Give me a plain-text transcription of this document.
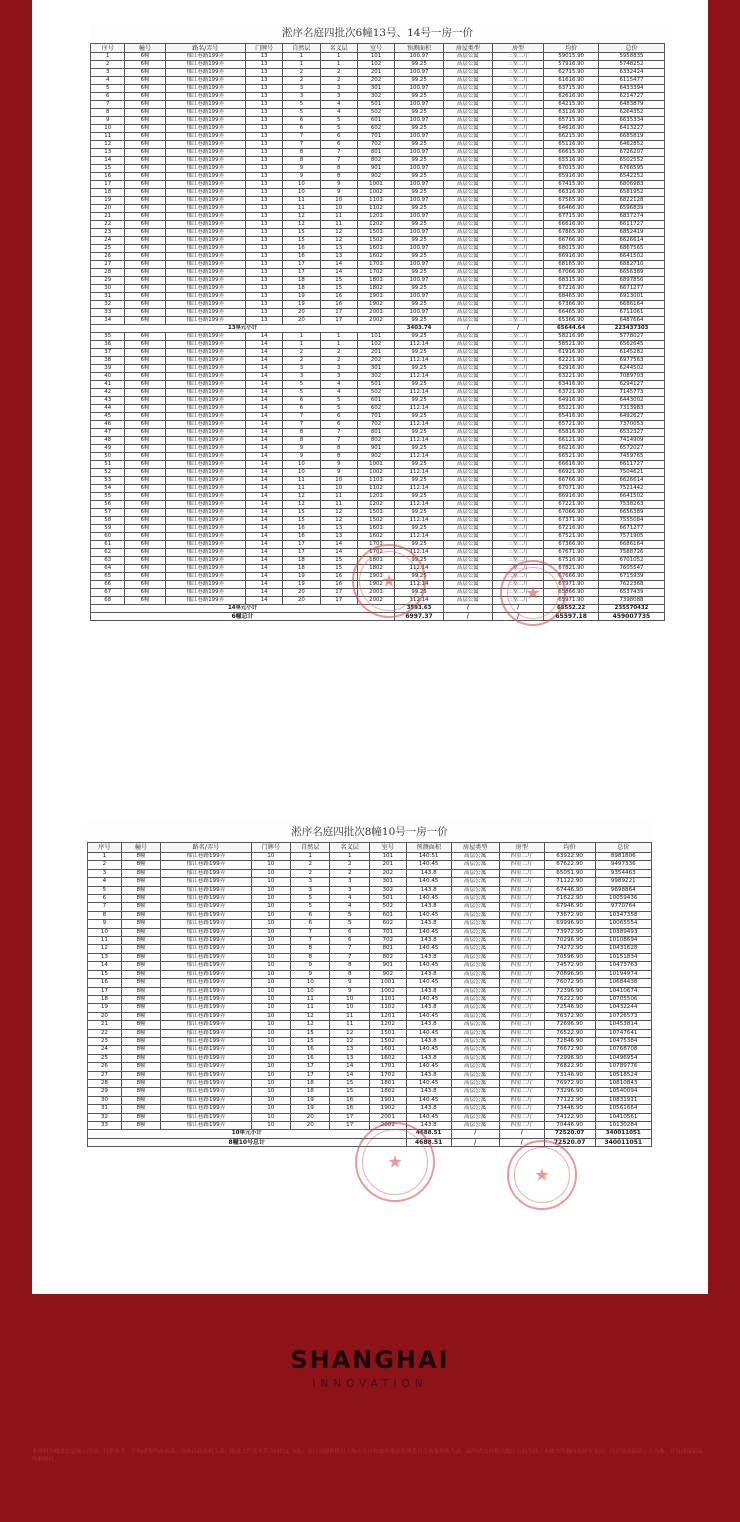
淞序名庭四批次6幢13号、14号一房一价
序号	幢号	路名/弄号	门牌号	自然层	名义层	室号	预测面积	房屋类型	房型	均价	总价
1	6幢	郁江巷路199弄	13	1	1	101	100.97	高层公寓	三室二厅	59015.90	5958835
2	6幢	郁江巷路199弄	13	1	1	102	99.25	高层公寓	三室二厅	57916.90	5748252
3	6幢	郁江巷路199弄	13	2	2	201	100.97	高层公寓	三室二厅	62715.90	6332424
4	6幢	郁江巷路199弄	13	2	2	202	99.25	高层公寓	三室二厅	61616.90	6115477
5	6幢	郁江巷路199弄	13	3	3	301	100.97	高层公寓	三室二厅	63715.90	6433394
6	6幢	郁江巷路199弄	13	3	3	302	99.25	高层公寓	三室二厅	62616.90	6214727
7	6幢	郁江巷路199弄	13	5	4	501	100.97	高层公寓	三室二厅	64215.90	6483879
8	6幢	郁江巷路199弄	13	5	4	502	99.25	高层公寓	三室二厅	63116.90	6264352
9	6幢	郁江巷路199弄	13	6	5	601	100.97	高层公寓	三室二厅	65715.90	6635334
10	6幢	郁江巷路199弄	13	6	5	602	99.25	高层公寓	三室二厅	64616.90	6413227
11	6幢	郁江巷路199弄	13	7	6	701	100.97	高层公寓	三室二厅	66215.90	6685819
12	6幢	郁江巷路199弄	13	7	6	702	99.25	高层公寓	三室二厅	65116.90	6462852
13	6幢	郁江巷路199弄	13	8	7	801	100.97	高层公寓	三室二厅	66615.90	6726207
14	6幢	郁江巷路199弄	13	8	7	802	99.25	高层公寓	三室二厅	65516.90	6502552
15	6幢	郁江巷路199弄	13	9	8	901	100.97	高层公寓	三室二厅	67015.90	6766595
16	6幢	郁江巷路199弄	13	9	8	902	99.25	高层公寓	三室二厅	65916.90	6542252
17	6幢	郁江巷路199弄	13	10	9	1001	100.97	高层公寓	三室二厅	67415.90	6806983
18	6幢	郁江巷路199弄	13	10	9	1002	99.25	高层公寓	三室二厅	66316.90	6581952
19	6幢	郁江巷路199弄	13	11	10	1101	100.97	高层公寓	三室二厅	67565.90	6822128
20	6幢	郁江巷路199弄	13	11	10	1102	99.25	高层公寓	三室二厅	66466.90	6596839
21	6幢	郁江巷路199弄	13	12	11	1201	100.97	高层公寓	三室二厅	67715.90	6837274
22	6幢	郁江巷路199弄	13	12	11	1202	99.25	高层公寓	三室二厅	66616.90	6611727
23	6幢	郁江巷路199弄	13	15	12	1501	100.97	高层公寓	三室二厅	67865.90	6852419
24	6幢	郁江巷路199弄	13	15	12	1502	99.25	高层公寓	三室二厅	66766.90	6626614
25	6幢	郁江巷路199弄	13	16	13	1601	100.97	高层公寓	三室二厅	68015.90	6867565
26	6幢	郁江巷路199弄	13	16	13	1602	99.25	高层公寓	三室二厅	66916.90	6641502
27	6幢	郁江巷路199弄	13	17	14	1701	100.97	高层公寓	三室二厅	68165.90	6882710
28	6幢	郁江巷路199弄	13	17	14	1702	99.25	高层公寓	三室二厅	67066.90	6656389
29	6幢	郁江巷路199弄	13	18	15	1801	100.97	高层公寓	三室二厅	68315.90	6897856
30	6幢	郁江巷路199弄	13	18	15	1802	99.25	高层公寓	三室二厅	67216.90	6671277
31	6幢	郁江巷路199弄	13	19	16	1901	100.97	高层公寓	三室二厅	68465.90	6913001
32	6幢	郁江巷路199弄	13	19	16	1902	99.25	高层公寓	三室二厅	67366.90	6686164
33	6幢	郁江巷路199弄	13	20	17	2001	100.97	高层公寓	三室二厅	66465.90	6711061
34	6幢	郁江巷路199弄	13	20	17	2002	99.25	高层公寓	三室二厅	65366.90	6487664
13单元小计							3403.74	/	/	65644.64	223437303
35	6幢	郁江巷路199弄	14	1	1	101	99.25	高层公寓	三室二厅	58216.90	5778027
36	6幢	郁江巷路199弄	14	1	1	102	112.14	高层公寓	三室二厅	58521.90	6562645
37	6幢	郁江巷路199弄	14	2	2	201	99.25	高层公寓	三室二厅	61916.90	6145282
38	6幢	郁江巷路199弄	14	2	2	202	112.14	高层公寓	三室二厅	62221.90	6977563
39	6幢	郁江巷路199弄	14	3	3	301	99.25	高层公寓	三室二厅	62916.90	6244502
40	6幢	郁江巷路199弄	14	3	3	302	112.14	高层公寓	三室二厅	63221.90	7089703
41	6幢	郁江巷路199弄	14	5	4	501	99.25	高层公寓	三室二厅	63416.90	6294127
42	6幢	郁江巷路199弄	14	5	4	502	112.14	高层公寓	三室二厅	63721.90	7145773
43	6幢	郁江巷路199弄	14	6	5	601	99.25	高层公寓	三室二厅	64916.90	6443002
44	6幢	郁江巷路199弄	14	6	5	602	112.14	高层公寓	三室二厅	65221.90	7313983
45	6幢	郁江巷路199弄	14	7	6	701	99.25	高层公寓	三室二厅	65416.90	6492627
46	6幢	郁江巷路199弄	14	7	6	702	112.14	高层公寓	三室二厅	65721.90	7370053
47	6幢	郁江巷路199弄	14	8	7	801	99.25	高层公寓	三室二厅	65816.90	6532327
48	6幢	郁江巷路199弄	14	8	7	802	112.14	高层公寓	三室二厅	66121.90	7414909
49	6幢	郁江巷路199弄	14	9	8	901	99.25	高层公寓	三室二厅	66216.90	6572027
50	6幢	郁江巷路199弄	14	9	8	902	112.14	高层公寓	三室二厅	66521.90	7459765
51	6幢	郁江巷路199弄	14	10	9	1001	99.25	高层公寓	三室二厅	66616.90	6611727
52	6幢	郁江巷路199弄	14	10	9	1002	112.14	高层公寓	三室二厅	66921.90	7504621
53	6幢	郁江巷路199弄	14	11	10	1101	99.25	高层公寓	三室二厅	66766.90	6626614
54	6幢	郁江巷路199弄	14	11	10	1102	112.14	高层公寓	三室二厅	67071.90	7521442
55	6幢	郁江巷路199弄	14	12	11	1201	99.25	高层公寓	三室二厅	66916.90	6641502
56	6幢	郁江巷路199弄	14	12	11	1202	112.14	高层公寓	三室二厅	67221.90	7538263
57	6幢	郁江巷路199弄	14	15	12	1501	99.25	高层公寓	三室二厅	67066.90	6656389
58	6幢	郁江巷路199弄	14	15	12	1502	112.14	高层公寓	三室二厅	67371.90	7555084
59	6幢	郁江巷路199弄	14	16	13	1601	99.25	高层公寓	三室二厅	67216.90	6671277
60	6幢	郁江巷路199弄	14	16	13	1602	112.14	高层公寓	三室二厅	67521.90	7571905
61	6幢	郁江巷路199弄	14	17	14	1701	99.25	高层公寓	三室二厅	67366.90	6686164
62	6幢	郁江巷路199弄	14	17	14	1702	112.14	高层公寓	三室二厅	67671.90	7588726
63	6幢	郁江巷路199弄	14	18	15	1801	99.25	高层公寓	三室二厅	67516.90	6701052
64	6幢	郁江巷路199弄	14	18	15	1802	112.14	高层公寓	三室二厅	67821.90	7605547
65	6幢	郁江巷路199弄	14	19	16	1901	99.25	高层公寓	三室二厅	67666.90	6715939
66	6幢	郁江巷路199弄	14	19	16	1902	112.14	高层公寓	三室二厅	67971.90	7622368
67	6幢	郁江巷路199弄	14	20	17	2001	99.25	高层公寓	三室二厅	65866.90	6537439
68	6幢	郁江巷路199弄	14	20	17	2002	112.14	高层公寓	三室二厅	65971.90	7398088
14单元小计							3593.63	/	/	65552.22	235570432
6幢总计							6997.37	/	/	65597.18	459007735
淞序名庭四批次8幢10号一房一价
序号	幢号	路名/弄号	门牌号	自然层	名义层	室号	预测面积	房屋类型	房型	均价	总价
1	8幢	郁江巷路199弄	10	1	1	101	140.51	高层公寓	四室二厅	63922.90	8981806
2	8幢	郁江巷路199弄	10	2	2	201	140.45	高层公寓	四室二厅	67622.90	9497336
3	8幢	郁江巷路199弄	10	2	2	202	143.8	高层公寓	四室二厅	65051.90	9354463
4	8幢	郁江巷路199弄	10	3	3	301	140.45	高层公寓	四室二厅	71122.90	9989221
5	8幢	郁江巷路199弄	10	3	3	302	143.8	高层公寓	四室二厅	67446.90	9698864
6	8幢	郁江巷路199弄	10	5	4	501	140.45	高层公寓	四室二厅	71622.90	10059436
7	8幢	郁江巷路199弄	10	5	4	502	143.8	高层公寓	四室二厅	67946.90	9770764
8	8幢	郁江巷路199弄	10	6	5	601	140.45	高层公寓	四室二厅	73672.90	10347358
9	8幢	郁江巷路199弄	10	6	5	602	143.8	高层公寓	四室二厅	69996.90	10065554
10	8幢	郁江巷路199弄	10	7	6	701	140.45	高层公寓	四室二厅	73972.90	10389493
11	8幢	郁江巷路199弄	10	7	6	702	143.8	高层公寓	四室二厅	70296.90	10108694
12	8幢	郁江巷路199弄	10	8	7	801	140.45	高层公寓	四室二厅	74272.90	10431628
13	8幢	郁江巷路199弄	10	8	7	802	143.8	高层公寓	四室二厅	70596.90	10151834
14	8幢	郁江巷路199弄	10	9	8	901	140.45	高层公寓	四室二厅	74572.90	10473763
15	8幢	郁江巷路199弄	10	9	8	902	143.8	高层公寓	四室二厅	70896.90	10194974
16	8幢	郁江巷路199弄	10	10	9	1001	140.45	高层公寓	四室二厅	76072.90	10684438
17	8幢	郁江巷路199弄	10	10	9	1002	143.8	高层公寓	四室二厅	72396.90	10410674
18	8幢	郁江巷路199弄	10	11	10	1101	140.45	高层公寓	四室二厅	76222.90	10705506
19	8幢	郁江巷路199弄	10	11	10	1102	143.8	高层公寓	四室二厅	72546.90	10432244
20	8幢	郁江巷路199弄	10	12	11	1201	140.45	高层公寓	四室二厅	76372.90	10726573
21	8幢	郁江巷路199弄	10	12	11	1202	143.8	高层公寓	四室二厅	72696.90	10453814
22	8幢	郁江巷路199弄	10	15	12	1501	140.45	高层公寓	四室二厅	76522.90	10747641
23	8幢	郁江巷路199弄	10	15	12	1502	143.8	高层公寓	四室二厅	72846.90	10475384
24	8幢	郁江巷路199弄	10	16	13	1601	140.45	高层公寓	四室二厅	76672.90	10768708
25	8幢	郁江巷路199弄	10	16	13	1602	143.8	高层公寓	四室二厅	72996.90	10496954
26	8幢	郁江巷路199弄	10	17	14	1701	140.45	高层公寓	四室二厅	76822.90	10789776
27	8幢	郁江巷路199弄	10	17	14	1702	143.8	高层公寓	四室二厅	73146.90	10518524
28	8幢	郁江巷路199弄	10	18	15	1801	140.45	高层公寓	四室二厅	76972.90	10810843
29	8幢	郁江巷路199弄	10	18	15	1802	143.8	高层公寓	四室二厅	73296.90	10540094
30	8幢	郁江巷路199弄	10	19	16	1901	140.45	高层公寓	四室二厅	77122.90	10831911
31	8幢	郁江巷路199弄	10	19	16	1902	143.8	高层公寓	四室二厅	73446.90	10561664
32	8幢	郁江巷路199弄	10	20	17	2001	140.45	高层公寓	四室二厅	74122.90	10410561
33	8幢	郁江巷路199弄	10	20	17	2002	143.8	高层公寓	四室二厅	70446.90	10130284
10单元小计							4688.51	/	/	72520.07	340011051
8幢10号总计							4688.51	/	/	72520.07	340011051
SHANGHAI
INNOVATION
本资料为楼盘信息展示所用，仅供参考，不构成要约或承诺。具体以政府相关部门批准文件及买卖合同约定为准。项目房源价格以上海市住房和城乡建设管理委员会备案价格为准，最终成交价格以购房合同为准。本楼书所载内容如有变动，以开发商最新公告为准，开发商保留最终解释权。
